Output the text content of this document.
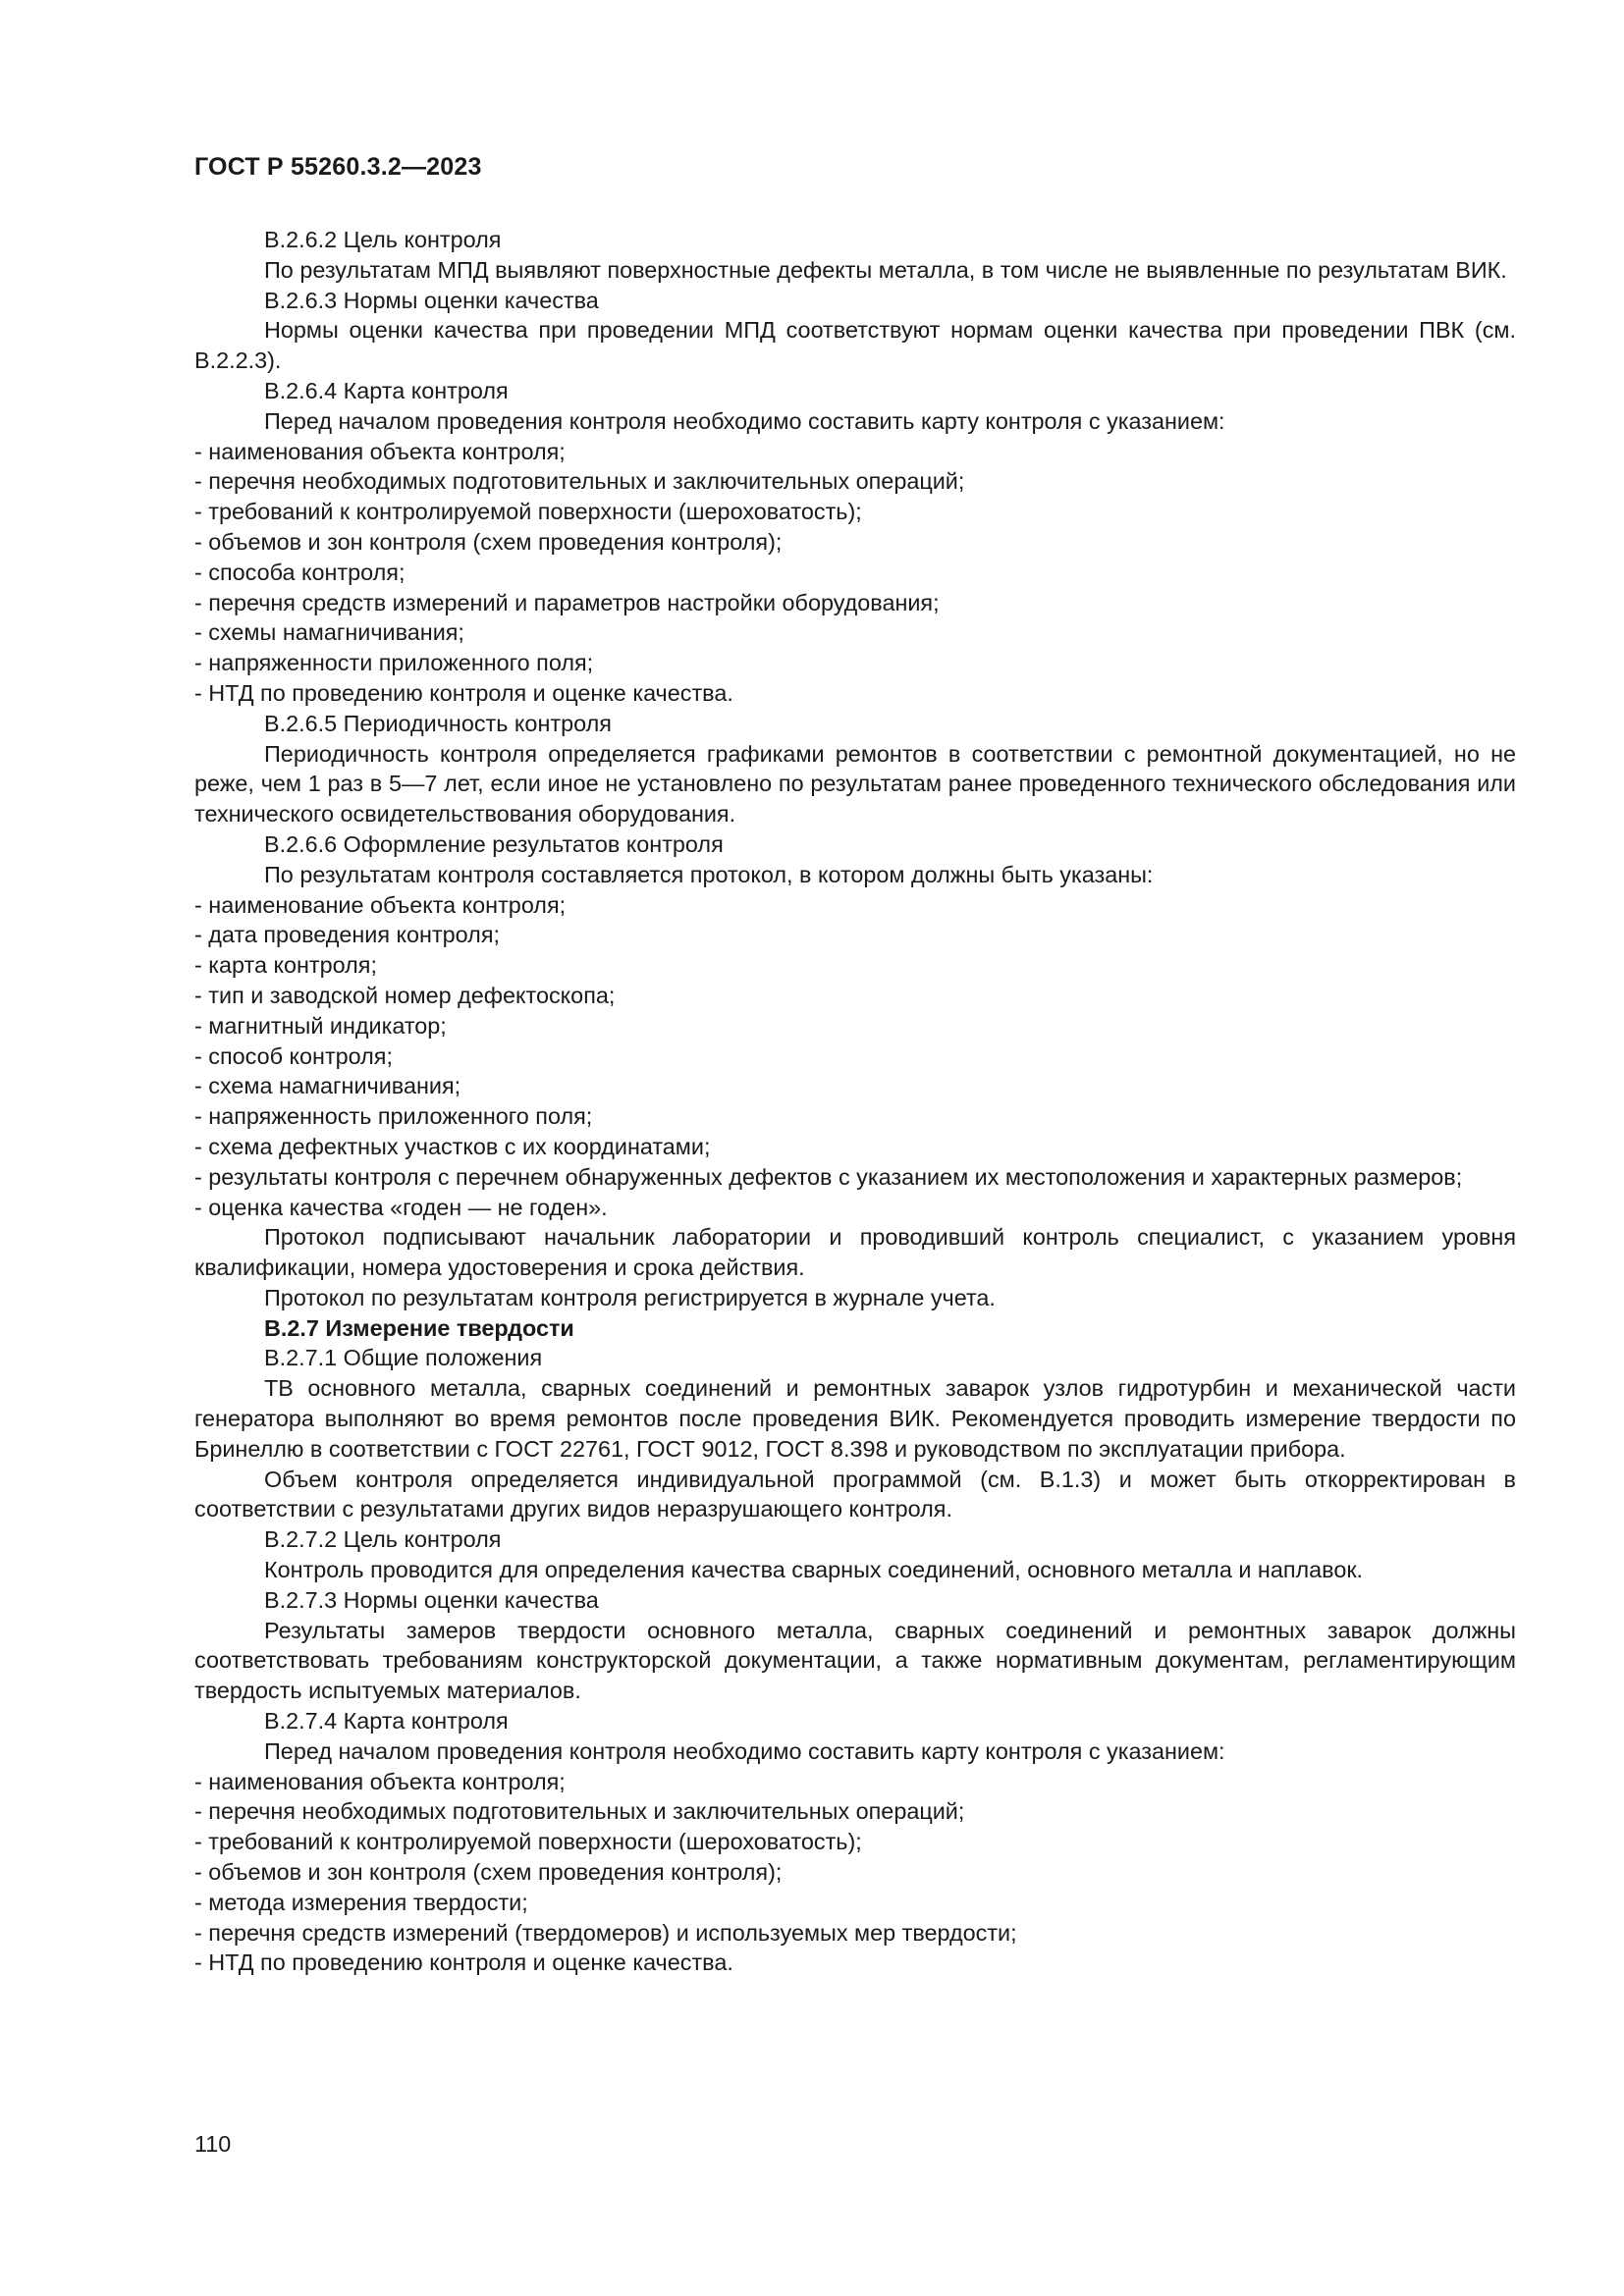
ГОСТ Р 55260.3.2—2023

В.2.6.2 Цель контроля

По результатам МПД выявляют поверхностные дефекты металла, в том числе не выявленные по результатам ВИК.

В.2.6.3 Нормы оценки качества

Нормы оценки качества при проведении МПД соответствуют нормам оценки качества при проведении ПВК (см. В.2.2.3).

В.2.6.4 Карта контроля

Перед началом проведения контроля необходимо составить карту контроля с указанием:

- наименования объекта контроля;

- перечня необходимых подготовительных и заключительных операций;

- требований к контролируемой поверхности (шероховатость);

- объемов и зон контроля (схем проведения контроля);

- способа контроля;

- перечня средств измерений и параметров настройки оборудования;

- схемы намагничивания;

- напряженности приложенного поля;

- НТД по проведению контроля и оценке качества.

В.2.6.5 Периодичность контроля

Периодичность контроля определяется графиками ремонтов в соответствии с ремонтной документацией, но не реже, чем 1 раз в 5—7 лет, если иное не установлено по результатам ранее проведенного технического обследования или технического освидетельствования оборудования.

В.2.6.6 Оформление результатов контроля

По результатам контроля составляется протокол, в котором должны быть указаны:

- наименование объекта контроля;

- дата проведения контроля;

- карта контроля;

- тип и заводской номер дефектоскопа;

- магнитный индикатор;

- способ контроля;

- схема намагничивания;

- напряженность приложенного поля;

- схема дефектных участков с их координатами;

- результаты контроля с перечнем обнаруженных дефектов с указанием их местоположения и характерных размеров;

- оценка качества «годен — не годен».

Протокол подписывают начальник лаборатории и проводивший контроль специалист, с указанием уровня квалификации, номера удостоверения и срока действия.

Протокол по результатам контроля регистрируется в журнале учета.

В.2.7 Измерение твердости

В.2.7.1 Общие положения

ТВ основного металла, сварных соединений и ремонтных заварок узлов гидротурбин и механической части генератора выполняют во время ремонтов после проведения ВИК. Рекомендуется проводить измерение твердости по Бринеллю в соответствии с ГОСТ 22761, ГОСТ 9012, ГОСТ 8.398 и руководством по эксплуатации прибора.

Объем контроля определяется индивидуальной программой (см. В.1.3) и может быть откорректирован в соответствии с результатами других видов неразрушающего контроля.

В.2.7.2 Цель контроля

Контроль проводится для определения качества сварных соединений, основного металла и наплавок.

В.2.7.3 Нормы оценки качества

Результаты замеров твердости основного металла, сварных соединений и ремонтных заварок должны соответствовать требованиям конструкторской документации, а также нормативным документам, регламентирующим твердость испытуемых материалов.

В.2.7.4 Карта контроля

Перед началом проведения контроля необходимо составить карту контроля с указанием:

- наименования объекта контроля;

- перечня необходимых подготовительных и заключительных операций;

- требований к контролируемой поверхности (шероховатость);

- объемов и зон контроля (схем проведения контроля);

- метода измерения твердости;

- перечня средств измерений (твердомеров) и используемых мер твердости;

- НТД по проведению контроля и оценке качества.

110
